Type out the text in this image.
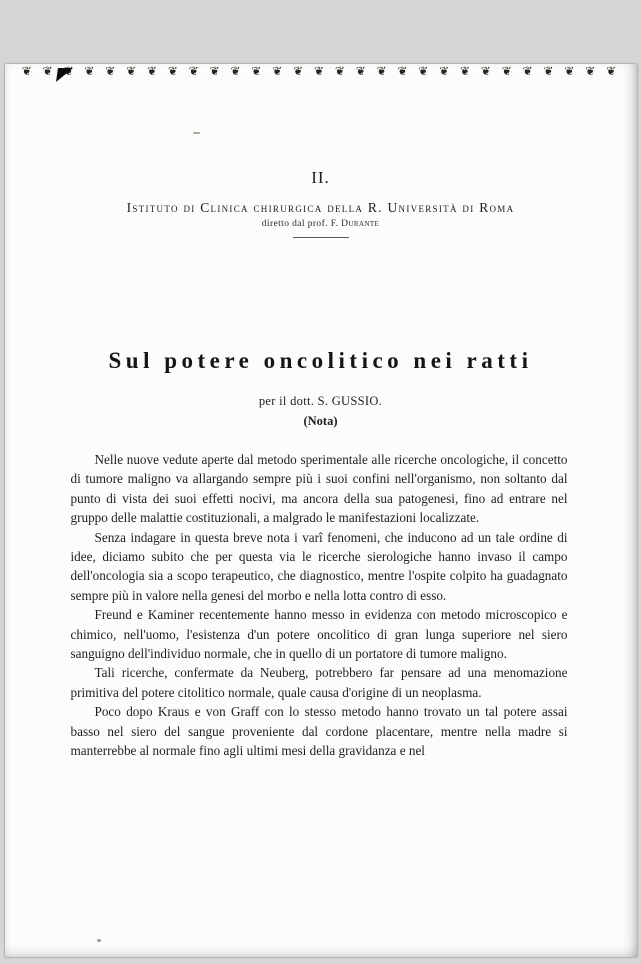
❦ ❦ ❦ ❦ ❦ ❦ ❦ ❦ ❦ ❦ ❦ ❦ ❦ ❦ ❦ ❦ ❦ ❦ ❦ ❦ ❦ ❦ ❦ ❦ ❦ ❦ ❦ ❦ ❦
II.
Istituto di Clinica chirurgica della R. Università di Roma
diretto dal prof. F. Durante
Sul potere oncolitico nei ratti
per il dott. S. GUSSIO.
(Nota)

Nelle nuove vedute aperte dal metodo sperimentale alle ricerche oncologiche, il concetto di tumore maligno va allargando sempre più i suoi confini nell'organismo, non soltanto dal punto di vista dei suoi effetti nocivi, ma ancora della sua patogenesi, fino ad entrare nel gruppo delle malattie costituzionali, a malgrado le manifestazioni localizzate.

Senza indagare in questa breve nota i varî fenomeni, che inducono ad un tale ordine di idee, diciamo subito che per questa via le ricerche sierologiche hanno invaso il campo dell'oncologia sia a scopo terapeutico, che diagnostico, mentre l'ospite colpito ha guadagnato sempre più in valore nella genesi del morbo e nella lotta contro di esso.

Freund e Kaminer recentemente hanno messo in evidenza con metodo microscopico e chimico, nell'uomo, l'esistenza d'un potere oncolitico di gran lunga superiore nel siero sanguigno dell'individuo normale, che in quello di un portatore di tumore maligno.

Tali ricerche, confermate da Neuberg, potrebbero far pensare ad una menomazione primitiva del potere citolitico normale, quale causa d'origine di un neoplasma.

Poco dopo Kraus e von Graff con lo stesso metodo hanno trovato un tal potere assai basso nel siero del sangue proveniente dal cordone placentare, mentre nella madre si manterrebbe al normale fino agli ultimi mesi della gravidanza e nel
